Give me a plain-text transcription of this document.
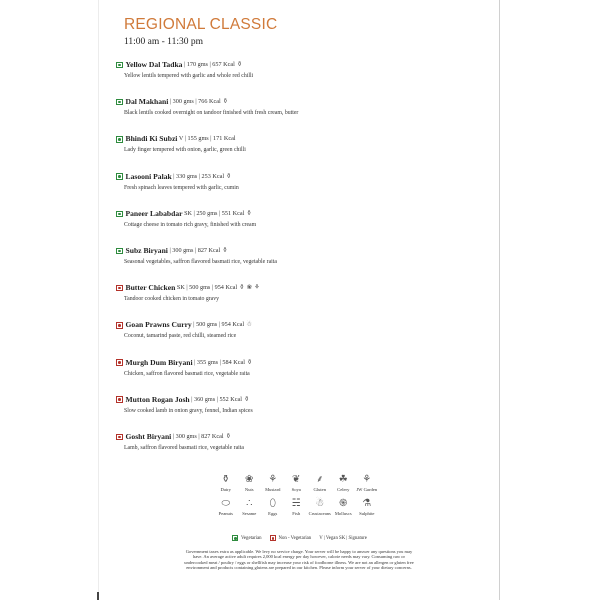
REGIONAL CLASSIC
11:00 am - 11:30 pm
Yellow Dal Tadka | 170 gms | 657 Kcal ⚱
Yellow lentils tempered with garlic and whole red chilli
Dal Makhani | 300 gms | 766 Kcal ⚱
Black lentils cooked overnight on tandoor finished with fresh cream, butter
Bhindi Ki Subzi V | 155 gms | 171 Kcal
Lady finger tempered with onion, garlic, green chilli
Lasooni Palak | 330 gms | 253 Kcal ⚱
Fresh spinach leaves tempered with garlic, cumin
Paneer Lababdar SK | 250 gms | 551 Kcal ⚱
Cottage cheese in tomato rich gravy, finished with cream
Subz Biryani | 300 gms | 827 Kcal ⚱
Seasonal vegetables, saffron flavored basmati rice, vegetable raita
Butter Chicken SK | 500 gms | 954 Kcal ⚱ ❀ ⚘
Tandoor cooked chicken in tomato gravy
Goan Prawns Curry | 500 gms | 954 Kcal ☃
Coconut, tamarind paste, red chilli, steamed rice
Murgh Dum Biryani | 355 gms | 584 Kcal ⚱
Chicken, saffron flavored basmati rice, vegetable raita
Mutton Rogan Josh | 360 gms | 552 Kcal ⚱
Slow cooked lamb in onion gravy, fennel, Indian spices
Gosht Biryani | 300 gms | 827 Kcal ⚱
Lamb, saffron flavored basmati rice, vegetable raita
⚱
Dairy
❀
Nuts
⚘
Mustard
❦
Soya
⸙
Gluten
☘
Celery
⚘
JW Garden
⬭
Peanuts
∴
Sesame
⬯
Eggs
☵
Fish
☃
Crustaceans
֍
Molluscs
⚗
Sulphite
Vegetarian	Non - Vegetarian V | Vegan SK | Signature
Government taxes extra as applicable. We levy no service charge. Your server will be happy to answer any questions you may have. An average active adult requires 2,000 kcal energy per day however, calorie needs may vary. Consuming raw or undercooked meat / poultry / eggs or shellfish may increase your risk of foodborne illness. We are not an allergen or gluten free environment and products containing glutens are prepared in our kitchen. Please inform your server of your dietary concerns.
